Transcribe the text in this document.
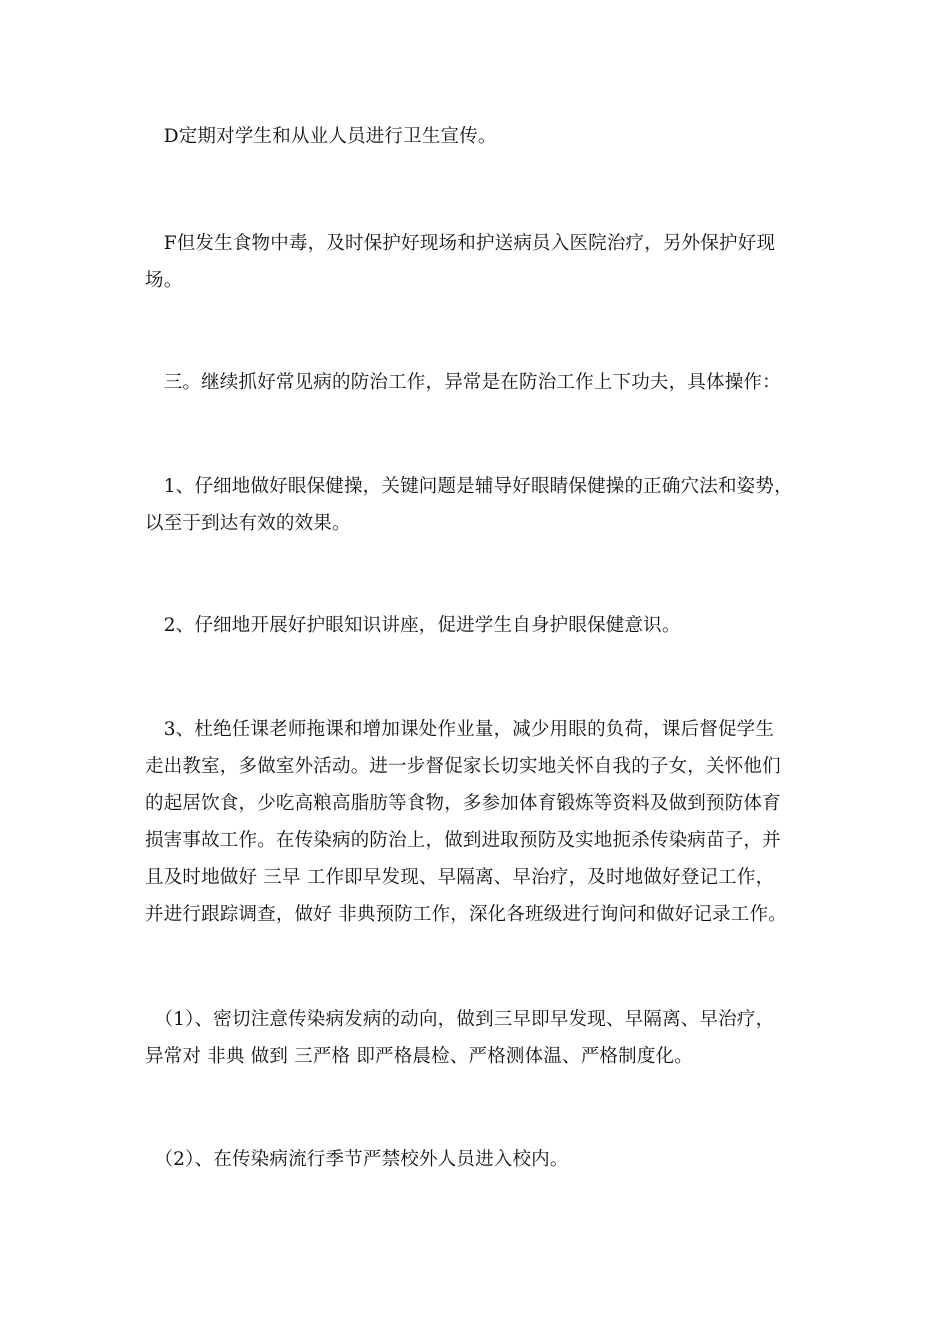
　D定期对学生和从业人员进行卫生宣传。

　F但发生食物中毒，及时保护好现场和护送病员入医院治疗，另外保护好现
场。

　三。继续抓好常见病的防治工作，异常是在防治工作上下功夫，具体操作：

　1、仔细地做好眼保健操，关键问题是辅导好眼睛保健操的正确穴法和姿势，
以至于到达有效的效果。

　2、仔细地开展好护眼知识讲座，促进学生自身护眼保健意识。

　3、杜绝任课老师拖课和增加课处作业量，减少用眼的负荷，课后督促学生
走出教室，多做室外活动。进一步督促家长切实地关怀自我的子女，关怀他们
的起居饮食，少吃高粮高脂肪等食物，多参加体育锻炼等资料及做到预防体育
损害事故工作。在传染病的防治上，做到进取预防及实地扼杀传染病苗子，并
且及时地做好 三早 工作即早发现、早隔离、早治疗，及时地做好登记工作，
并进行跟踪调查，做好 非典预防工作，深化各班级进行询问和做好记录工作。

　（1）、密切注意传染病发病的动向，做到三早即早发现、早隔离、早治疗，
异常对 非典 做到 三严格 即严格晨检、严格测体温、严格制度化。

　（2）、在传染病流行季节严禁校外人员进入校内。
